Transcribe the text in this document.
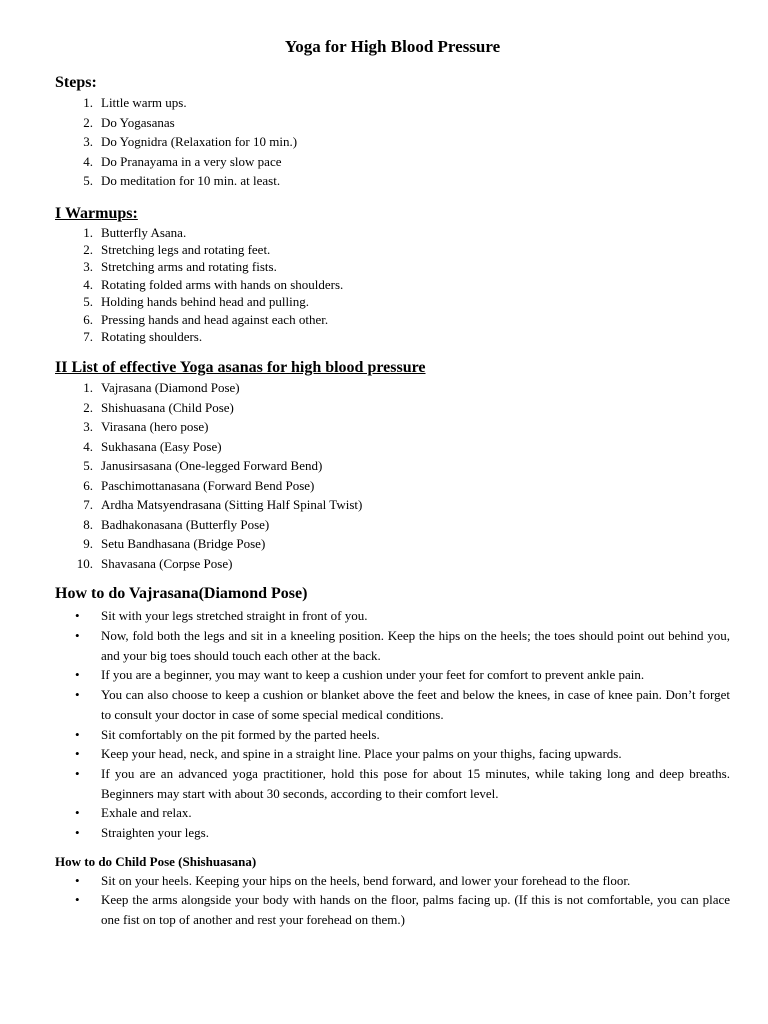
Yoga for High Blood Pressure
Steps:
1. Little warm ups.
2. Do Yogasanas
3. Do Yognidra (Relaxation for 10 min.)
4. Do Pranayama in a very slow pace
5. Do meditation for 10 min. at least.
I Warmups:
1. Butterfly Asana.
2. Stretching legs and rotating feet.
3. Stretching arms and rotating fists.
4. Rotating folded arms with hands on shoulders.
5. Holding hands behind head and pulling.
6. Pressing hands and head against each other.
7. Rotating shoulders.
II List of effective Yoga asanas for high blood pressure
1. Vajrasana (Diamond Pose)
2. Shishuasana (Child Pose)
3. Virasana (hero pose)
4. Sukhasana (Easy Pose)
5. Janusirsasana (One-legged Forward Bend)
6. Paschimottanasana (Forward Bend Pose)
7. Ardha Matsyendrasana (Sitting Half Spinal Twist)
8. Badhakonasana (Butterfly Pose)
9. Setu Bandhasana (Bridge Pose)
10. Shavasana (Corpse Pose)
How to do Vajrasana(Diamond Pose)
• Sit with your legs stretched straight in front of you.
• Now, fold both the legs and sit in a kneeling position. Keep the hips on the heels; the toes should point out behind you, and your big toes should touch each other at the back.
• If you are a beginner, you may want to keep a cushion under your feet for comfort to prevent ankle pain.
• You can also choose to keep a cushion or blanket above the feet and below the knees, in case of knee pain. Don’t forget to consult your doctor in case of some special medical conditions.
• Sit comfortably on the pit formed by the parted heels.
• Keep your head, neck, and spine in a straight line. Place your palms on your thighs, facing upwards.
• If you are an advanced yoga practitioner, hold this pose for about 15 minutes, while taking long and deep breaths. Beginners may start with about 30 seconds, according to their comfort level.
• Exhale and relax.
• Straighten your legs.
How to do Child Pose (Shishuasana)
• Sit on your heels. Keeping your hips on the heels, bend forward, and lower your forehead to the floor.
• Keep the arms alongside your body with hands on the floor, palms facing up. (If this is not comfortable, you can place one fist on top of another and rest your forehead on them.)
